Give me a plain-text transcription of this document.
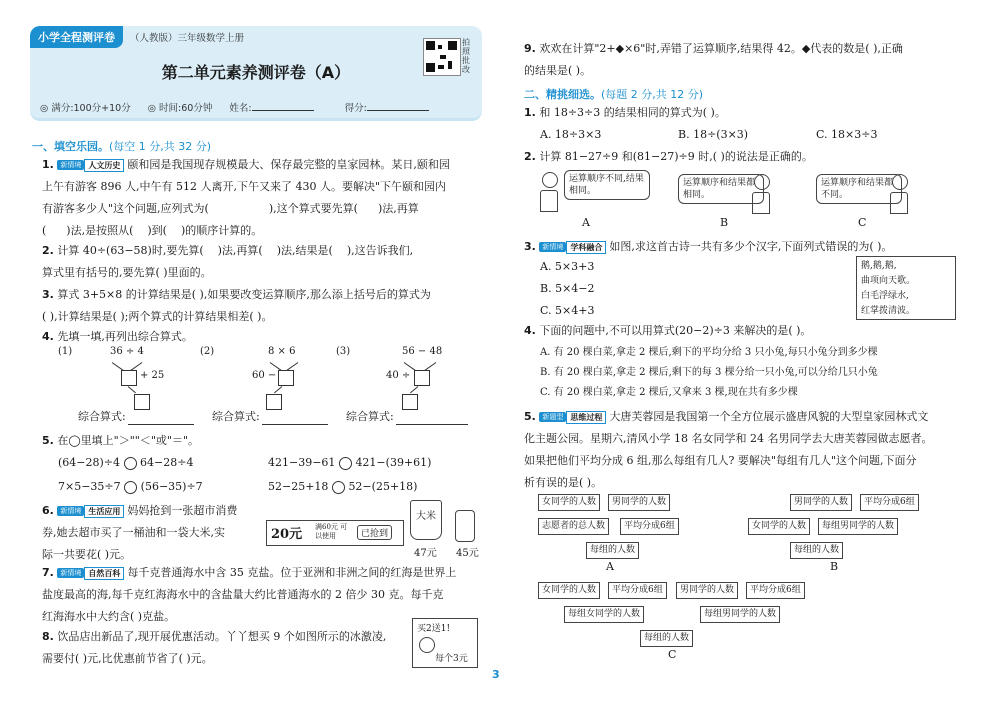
小学全程测评卷	（人教版）三年级数学上册
第二单元素养测评卷（A）
拍照批改
◎ 满分:100分+10分 ◎ 时间:60分钟 姓名:	得分:
一、填空乐园。(每空 1 分,共 32 分)
1. 新情境 人文历史 颐和园是我国现存规模最大、保存最完整的皇家园林。某日,颐和园
上午有游客 896 人,中午有 512 人离开,下午又来了 430 人。要解决"下午颐和园内
有游客多少人"这个问题,应列式为(	),这个算式要先算( )法,再算
( )法,是按照从( )到( )的顺序计算的。
2. 计算 40÷(63−58)时,要先算( )法,再算( )法,结果是( ),这告诉我们,
算式里有括号的,要先算( )里面的。
3. 算式 3+5×8 的计算结果是( ),如果要改变运算顺序,那么添上括号后的算式为
( ),计算结果是( );两个算式的计算结果相差( )。
4. 先填一填,再列出综合算式。
(1)	36 ÷ 4
+ 25
综合算式:
(2)	8 × 6
60 −
综合算式:
(3)	56 − 48
40 ÷
综合算式:
5. 在◯里填上"＞""＜"或"＝"。
(64−28)÷4 64−28÷4	421−39−61 421−(39+61)
7×5−35÷7 (56−35)÷7	52−25+18 52−(25+18)
6. 新情境 生活应用 妈妈抢到一张超市消费
券,她去超市买了一桶油和一袋大米,实
际一共要花( )元。
20元 满60元 可以使用	已抢到
大米
47元 45元
7. 新情境 自然百科 每千克普通海水中含 35 克盐。位于亚洲和非洲之间的红海是世界上
盐度最高的海,每千克红海海水中的含盐量大约比普通海水的 2 倍少 30 克。每千克
红海海水中大约含( )克盐。
8. 饮品店出新品了,现开展优惠活动。丫丫想买 9 个如图所示的冰激凌,
需要付( )元,比优惠前节省了( )元。
买2送1!
每个3元
3
9. 欢欢在计算"2+◆×6"时,弄错了运算顺序,结果得 42。◆代表的数是( ),正确
的结果是( )。
二、精挑细选。(每题 2 分,共 12 分)
1. 和 18÷3÷3 的结果相同的算式为( )。
A. 18÷3×3	B. 18÷(3×3)	C. 18×3÷3
2. 计算 81−27÷9 和(81−27)÷9 时,( )的说法是正确的。
运算顺序不同,结果相同。
A
运算顺序和结果都相同。
B
运算顺序和结果都不同。
C
3. 新情境 学科融合 如图,求这首古诗一共有多少个汉字,下面列式错误的为( )。
A. 5×3+3
B. 5×4−2
C. 5×4+3
鹅,鹅,鹅,
曲项向天歌。
白毛浮绿水,
红掌拨清波。
4. 下面的问题中,不可以用算式(20−2)÷3 来解决的是( )。
A. 有 20 棵白菜,拿走 2 棵后,剩下的平均分给 3 只小兔,每只小兔分到多少棵
B. 有 20 棵白菜,拿走 2 棵后,剩下的每 3 棵分给一只小兔,可以分给几只小兔
C. 有 20 棵白菜,拿走 2 棵后,又拿来 3 棵,现在共有多少棵
5. 新题型 思维过程 大唐芙蓉园是我国第一个全方位展示盛唐风貌的大型皇家园林式文
化主题公园。星期六,清风小学 18 名女同学和 24 名男同学去大唐芙蓉园做志愿者。
如果把他们平均分成 6 组,那么每组有几人? 要解决"每组有几人"这个问题,下面分
析有误的是( )。
女同学的人数	男同学的人数
志愿者的总人数	平均分成6组
每组的人数
A
男同学的人数	平均分成6组
女同学的人数	每组男同学的人数
每组的人数
B
女同学的人数	平均分成6组	男同学的人数	平均分成6组
每组女同学的人数	每组男同学的人数
每组的人数
C
